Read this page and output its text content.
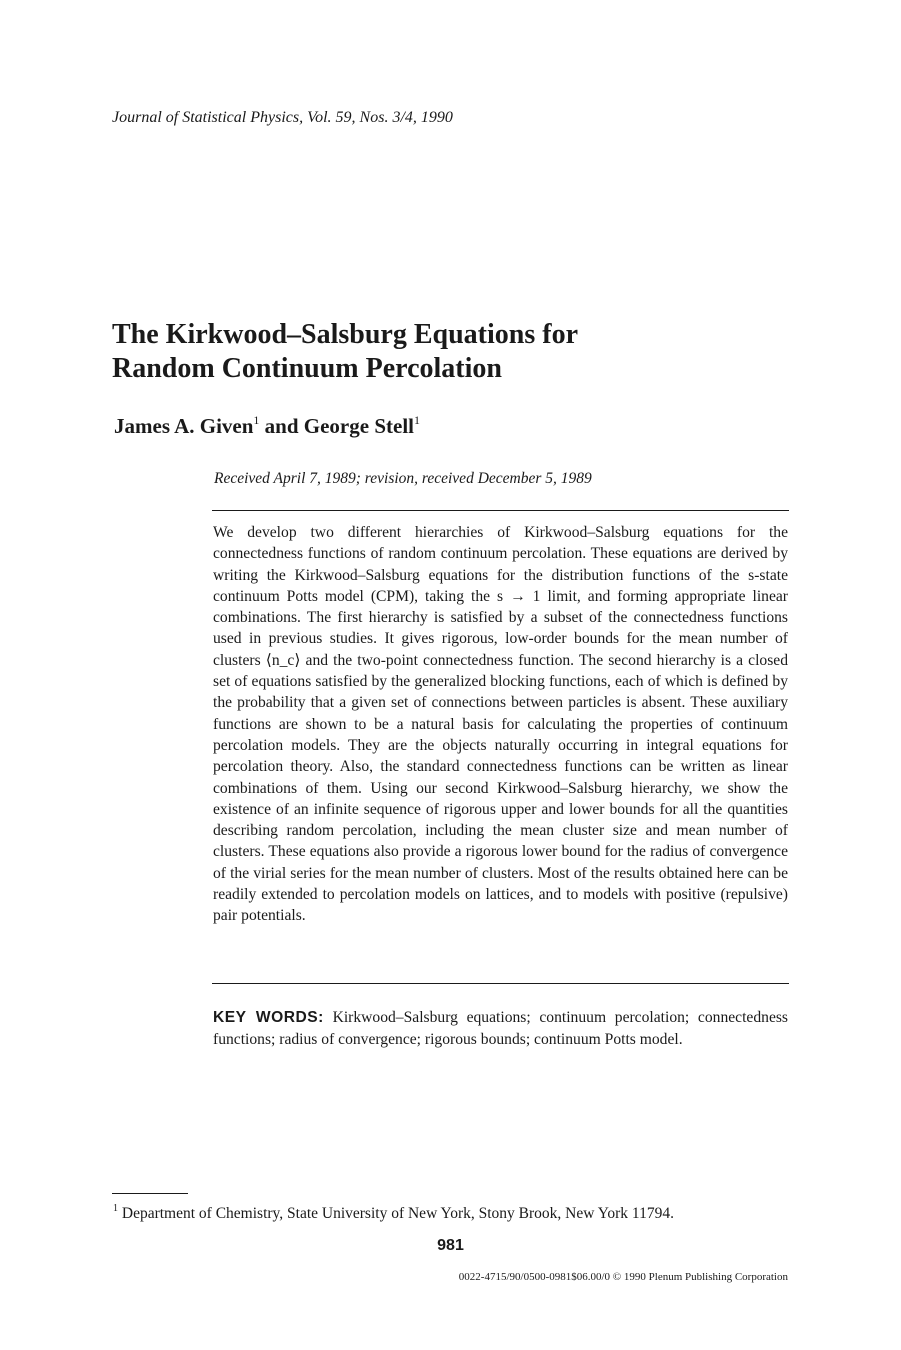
Journal of Statistical Physics, Vol. 59, Nos. 3/4, 1990
The Kirkwood–Salsburg Equations for
Random Continuum Percolation
James A. Given$^1$ and George Stell$^1$
Received April 7, 1989; revision, received December 5, 1989
We develop two different hierarchies of Kirkwood–Salsburg equations for the connectedness functions of random continuum percolation. These equations are derived by writing the Kirkwood–Salsburg equations for the distribution functions of the s-state continuum Potts model (CPM), taking the s → 1 limit, and forming appropriate linear combinations. The first hierarchy is satisfied by a subset of the connectedness functions used in previous studies. It gives rigorous, low-order bounds for the mean number of clusters ⟨n_c⟩ and the two-point connectedness function. The second hierarchy is a closed set of equations satisfied by the generalized blocking functions, each of which is defined by the probability that a given set of connections between particles is absent. These auxiliary functions are shown to be a natural basis for calculating the properties of continuum percolation models. They are the objects naturally occurring in integral equations for percolation theory. Also, the standard connectedness functions can be written as linear combinations of them. Using our second Kirkwood–Salsburg hierarchy, we show the existence of an infinite sequence of rigorous upper and lower bounds for all the quantities describing random percolation, including the mean cluster size and mean number of clusters. These equations also provide a rigorous lower bound for the radius of convergence of the virial series for the mean number of clusters. Most of the results obtained here can be readily extended to percolation models on lattices, and to models with positive (repulsive) pair potentials.
KEY WORDS: Kirkwood–Salsburg equations; continuum percolation; connectedness functions; radius of convergence; rigorous bounds; continuum Potts model.
$^1$ Department of Chemistry, State University of New York, Stony Brook, New York 11794.
981
0022-4715/90/0500-0981$06.00/0 © 1990 Plenum Publishing Corporation
